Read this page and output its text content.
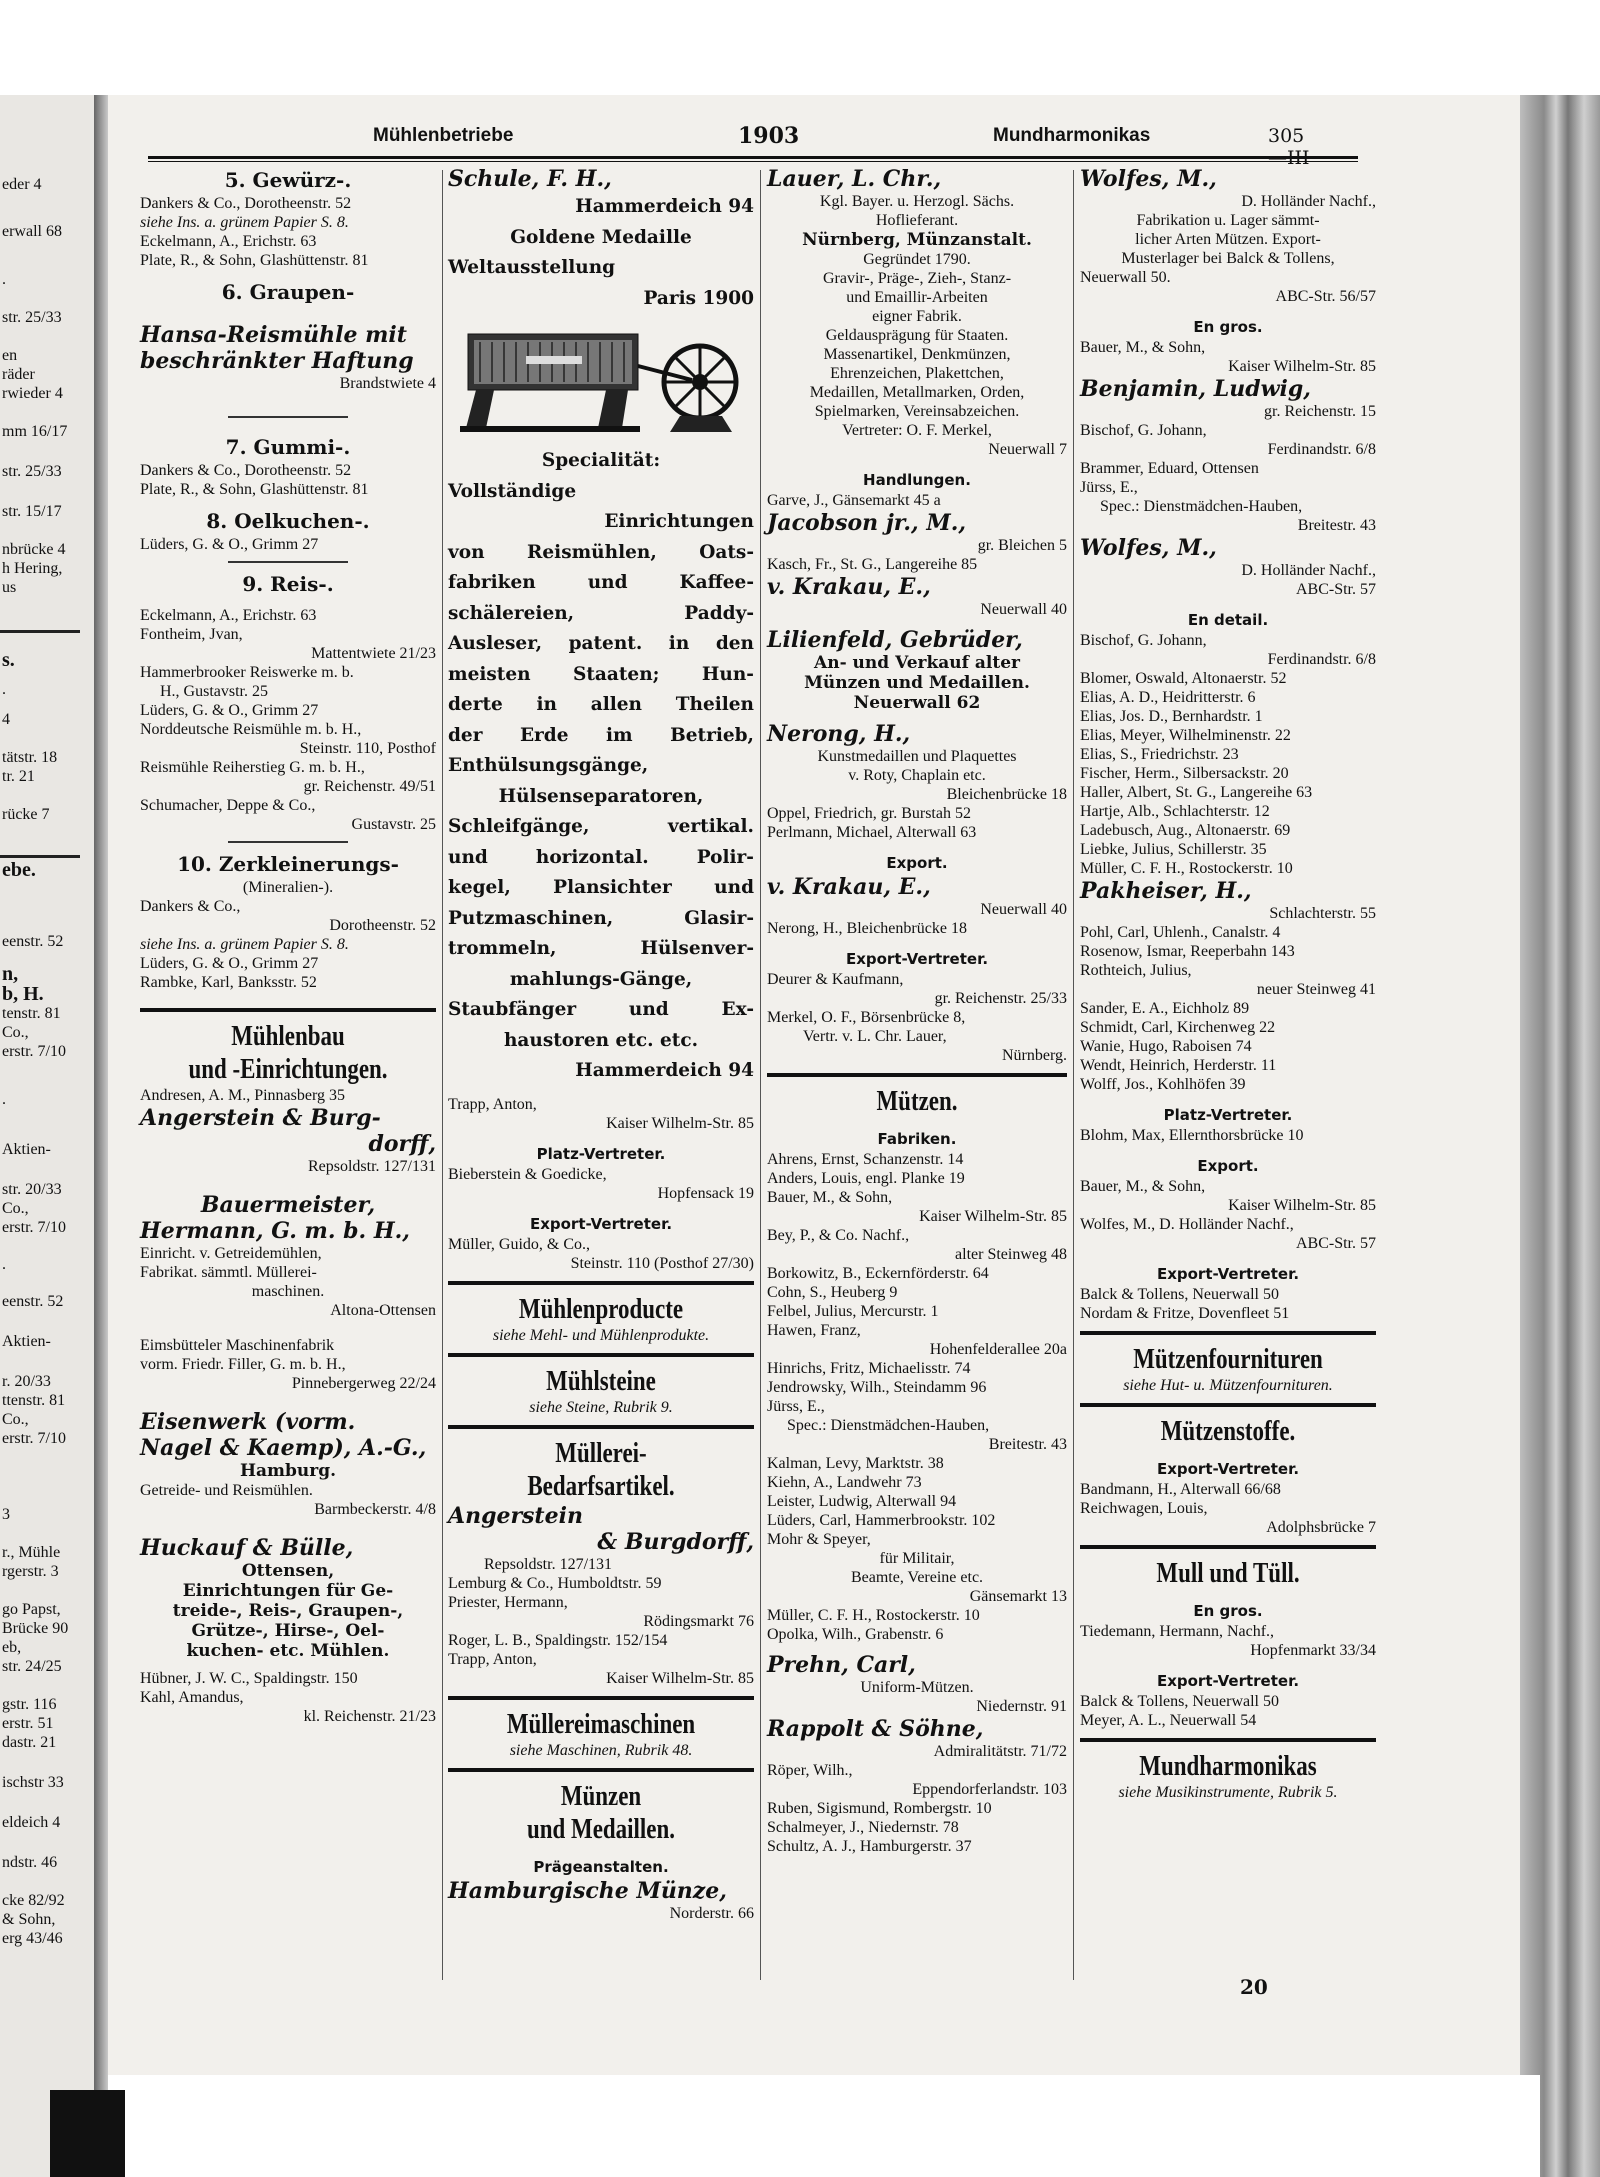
Mühlenbetriebe	1903	Mundharmonikas	305
5. Gewürz-.
Dankers & Co., Dorotheenstr. 52
siehe Ins. a. grünem Papier S. 8.
Eckelmann, A., Erichstr. 63
Plate, R., & Sohn, Glashüttenstr. 81
6. Graupen-
Hansa-Reismühle mit
beschränkter Haftung
Brandstwiete 4
7. Gummi-.
Dankers & Co., Dorotheenstr. 52
Plate, R., & Sohn, Glashüttenstr. 81
8. Oelkuchen-.
Lüders, G. & O., Grimm 27
9. Reis-.
Eckelmann, A., Erichstr. 63
Fontheim, Jvan,
Mattentwiete 21/23
Hammerbrooker Reiswerke m. b.
H., Gustavstr. 25
Lüders, G. & O., Grimm 27
Norddeutsche Reismühle m. b. H.,
Steinstr. 110, Posthof
Reismühle Reiherstieg G. m. b. H.,
gr. Reichenstr. 49/51
Schumacher, Deppe & Co.,
Gustavstr. 25
10. Zerkleinerungs-
(Mineralien-).
Dankers & Co.,
Dorotheenstr. 52
siehe Ins. a. grünem Papier S. 8.
Lüders, G. & O., Grimm 27
Rambke, Karl, Banksstr. 52
Mühlenbau
und -Einrichtungen.
Andresen, A. M., Pinnasberg 35
Angerstein & Burg-
dorff,
Repsoldstr. 127/131
Bauermeister,
Hermann, G. m. b. H.,
Einricht. v. Getreidemühlen,
Fabrikat. sämmtl. Müllerei-
maschinen.
Altona-Ottensen
Eimsbütteler Maschinenfabrik
vorm. Friedr. Filler, G. m. b. H.,
Pinnebergerweg 22/24
Eisenwerk (vorm.
Nagel & Kaemp), A.-G.,
Hamburg.
Getreide- und Reismühlen.
Barmbeckerstr. 4/8
Huckauf & Bülle,
Ottensen,
Einrichtungen für Ge-
treide-, Reis-, Graupen-,
Grütze-, Hirse-, Oel-
kuchen- etc. Mühlen.
Hübner, J. W. C., Spaldingstr. 150
Kahl, Amandus,
kl. Reichenstr. 21/23
Schule, F. H.,
Hammerdeich 94
Goldene Medaille
Weltausstellung
Paris 1900
Specialität:
Vollständige
Einrichtungen
von Reismühlen, Oats-
fabriken und Kaffee-
schälereien, Paddy-
Ausleser, patent. in den
meisten Staaten; Hun-
derte in allen Theilen
der Erde im Betrieb,
Enthülsungsgänge,
Hülsenseparatoren,
Schleifgänge, vertikal.
und horizontal. Polir-
kegel, Plansichter und
Putzmaschinen, Glasir-
trommeln, Hülsenver-
mahlungs-Gänge,
Staubfänger und Ex-
haustoren etc. etc.
Hammerdeich 94
Trapp, Anton,
Kaiser Wilhelm-Str. 85
Platz-Vertreter.
Bieberstein & Goedicke,
Hopfensack 19
Export-Vertreter.
Müller, Guido, & Co.,
Steinstr. 110 (Posthof 27/30)
Mühlenproducte
siehe Mehl- und Mühlenprodukte.
Mühlsteine
siehe Steine, Rubrik 9.
Müllerei-
Bedarfsartikel.
Angerstein
& Burgdorff,
Repsoldstr. 127/131
Lemburg & Co., Humboldtstr. 59
Priester, Hermann,
Rödingsmarkt 76
Roger, L. B., Spaldingstr. 152/154
Trapp, Anton,
Kaiser Wilhelm-Str. 85
Müllereimaschinen
siehe Maschinen, Rubrik 48.
Münzen
und Medaillen.
Prägeanstalten.
Hamburgische Münze,
Norderstr. 66
Lauer, L. Chr.,
Kgl. Bayer. u. Herzogl. Sächs.
Hoflieferant.
Nürnberg, Münzanstalt.
Gegründet 1790.
Gravir-, Präge-, Zieh-, Stanz-
und Emaillir-Arbeiten
eigner Fabrik.
Geldausprägung für Staaten.
Massenartikel, Denkmünzen,
Ehrenzeichen, Plakettchen,
Medaillen, Metallmarken, Orden,
Spielmarken, Vereinsabzeichen.
Vertreter: O. F. Merkel,
Neuerwall 7
Handlungen.
Garve, J., Gänsemarkt 45 a
Jacobson jr., M.,
gr. Bleichen 5
Kasch, Fr., St. G., Langereihe 85
v. Krakau, E.,
Neuerwall 40
Lilienfeld, Gebrüder,
An- und Verkauf alter
Münzen und Medaillen.
Neuerwall 62
Nerong, H.,
Kunstmedaillen und Plaquettes
v. Roty, Chaplain etc.
Bleichenbrücke 18
Oppel, Friedrich, gr. Burstah 52
Perlmann, Michael, Alterwall 63
Export.
v. Krakau, E.,
Neuerwall 40
Nerong, H., Bleichenbrücke 18
Export-Vertreter.
Deurer & Kaufmann,
gr. Reichenstr. 25/33
Merkel, O. F., Börsenbrücke 8,
Vertr. v. L. Chr. Lauer,
Nürnberg.
Mützen.
Fabriken.
Ahrens, Ernst, Schanzenstr. 14
Anders, Louis, engl. Planke 19
Bauer, M., & Sohn,
Kaiser Wilhelm-Str. 85
Bey, P., & Co. Nachf.,
alter Steinweg 48
Borkowitz, B., Eckernförderstr. 64
Cohn, S., Heuberg 9
Felbel, Julius, Mercurstr. 1
Hawen, Franz,
Hohenfelderallee 20a
Hinrichs, Fritz, Michaelisstr. 74
Jendrowsky, Wilh., Steindamm 96
Jürss, E.,
Spec.: Dienstmädchen-Hauben,
Breitestr. 43
Kalman, Levy, Marktstr. 38
Kiehn, A., Landwehr 73
Leister, Ludwig, Alterwall 94
Lüders, Carl, Hammerbrookstr. 102
Mohr & Speyer,
für Militair,
Beamte, Vereine etc.
Gänsemarkt 13
Müller, C. F. H., Rostockerstr. 10
Opolka, Wilh., Grabenstr. 6
Prehn, Carl,
Uniform-Mützen.
Niedernstr. 91
Rappolt & Söhne,
Admiralitätstr. 71/72
Röper, Wilh.,
Eppendorferlandstr. 103
Ruben, Sigismund, Rombergstr. 10
Schalmeyer, J., Niedernstr. 78
Schultz, A. J., Hamburgerstr. 37
Wolfes, M.,
D. Holländer Nachf.,
Fabrikation u. Lager sämmt-
licher Arten Mützen. Export-
Musterlager bei Balck & Tollens,
Neuerwall 50.
ABC-Str. 56/57
En gros.
Bauer, M., & Sohn,
Kaiser Wilhelm-Str. 85
Benjamin, Ludwig,
gr. Reichenstr. 15
Bischof, G. Johann,
Ferdinandstr. 6/8
Brammer, Eduard, Ottensen
Jürss, E.,
Spec.: Dienstmädchen-Hauben,
Breitestr. 43
Wolfes, M.,
D. Holländer Nachf.,
ABC-Str. 57
En detail.
Bischof, G. Johann,
Ferdinandstr. 6/8
Blomer, Oswald, Altonaerstr. 52
Elias, A. D., Heidritterstr. 6
Elias, Jos. D., Bernhardstr. 1
Elias, Meyer, Wilhelminenstr. 22
Elias, S., Friedrichstr. 23
Fischer, Herm., Silbersackstr. 20
Haller, Albert, St. G., Langereihe 63
Hartje, Alb., Schlachterstr. 12
Ladebusch, Aug., Altonaerstr. 69
Liebke, Julius, Schillerstr. 35
Müller, C. F. H., Rostockerstr. 10
Pakheiser, H.,
Schlachterstr. 55
Pohl, Carl, Uhlenh., Canalstr. 4
Rosenow, Ismar, Reeperbahn 143
Rothteich, Julius,
neuer Steinweg 41
Sander, E. A., Eichholz 89
Schmidt, Carl, Kirchenweg 22
Wanie, Hugo, Raboisen 74
Wendt, Heinrich, Herderstr. 11
Wolff, Jos., Kohlhöfen 39
Platz-Vertreter.
Blohm, Max, Ellernthorsbrücke 10
Export.
Bauer, M., & Sohn,
Kaiser Wilhelm-Str. 85
Wolfes, M., D. Holländer Nachf.,
ABC-Str. 57
Export-Vertreter.
Balck & Tollens, Neuerwall 50
Nordam & Fritze, Dovenfleet 51
Mützenfournituren
siehe Hut- u. Mützenfournituren.
Mützenstoffe.
Export-Vertreter.
Bandmann, H., Alterwall 66/68
Reichwagen, Louis,
Adolphsbrücke 7
Mull und Tüll.
En gros.
Tiedemann, Hermann, Nachf.,
Hopfenmarkt 33/34
Export-Vertreter.
Balck & Tollens, Neuerwall 50
Meyer, A. L., Neuerwall 54
Mundharmonikas
siehe Musikinstrumente, Rubrik 5.
eder 4
erwall 68
.
str. 25/33
en
räder
rwieder 4
mm 16/17
str. 25/33
str. 15/17
nbrücke 4
h Hering,
us
s.
.
4
tätstr. 18
tr. 21
rücke 7
ebe.
eenstr. 52
n,
b, H.
tenstr. 81
Co.,
erstr. 7/10
.
Aktien-
str. 20/33
Co.,
erstr. 7/10
.
eenstr. 52
Aktien-
r. 20/33
ttenstr. 81
Co.,
erstr. 7/10
3
r., Mühle
rgerstr. 3
go Papst,
Brücke 90
eb,
str. 24/25
gstr. 116
erstr. 51
dastr. 21
ischstr 33
eldeich 4
ndstr. 46
cke 82/92
& Sohn,
erg 43/46
20
